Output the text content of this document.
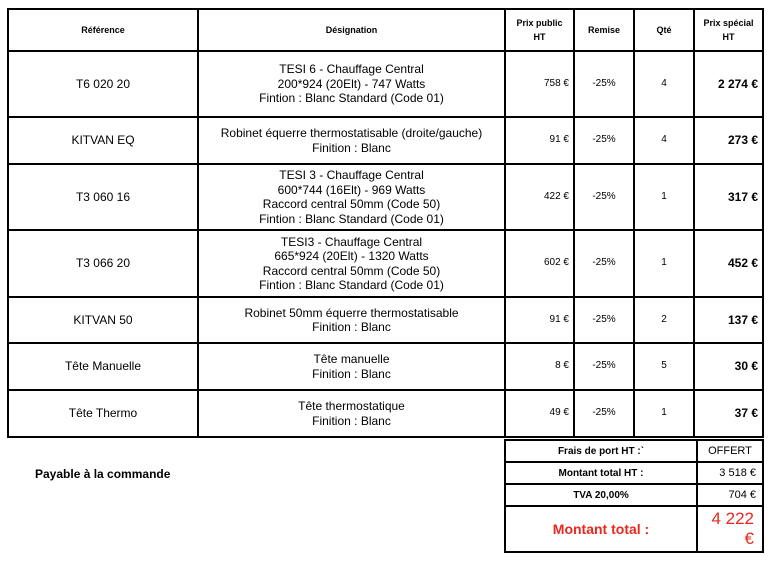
Référence	Désignation	Prix public HT	Remise	Qté	Prix spécial HT
T6 020 20	TESI 6 - Chauffage Central
200*924 (20Elt) - 747 Watts
Fintion : Blanc Standard (Code 01)	758 €	-25%	4	2 274 €
KITVAN EQ	Robinet équerre thermostatisable (droite/gauche)
Finition : Blanc	91 €	-25%	4	273 €
T3 060 16	TESI 3 - Chauffage Central
600*744 (16Elt) - 969 Watts
Raccord central 50mm (Code 50)
Fintion : Blanc Standard (Code 01)	422 €	-25%	1	317 €
T3 066 20	TESI3 - Chauffage Central
665*924 (20Elt) - 1320 Watts
Raccord central 50mm (Code 50)
Fintion : Blanc Standard (Code 01)	602 €	-25%	1	452 €
KITVAN 50	Robinet 50mm équerre thermostatisable
Finition : Blanc	91 €	-25%	2	137 €
Tête Manuelle	Tête manuelle
Finition : Blanc	8 €	-25%	5	30 €
Tête Thermo	Tête thermostatique
Finition : Blanc	49 €	-25%	1	37 €
Payable à la commande
Frais de port HT :`	OFFERT
Montant total HT :	3 518 €
TVA 20,00%	704 €
Montant total :	4 222 €
